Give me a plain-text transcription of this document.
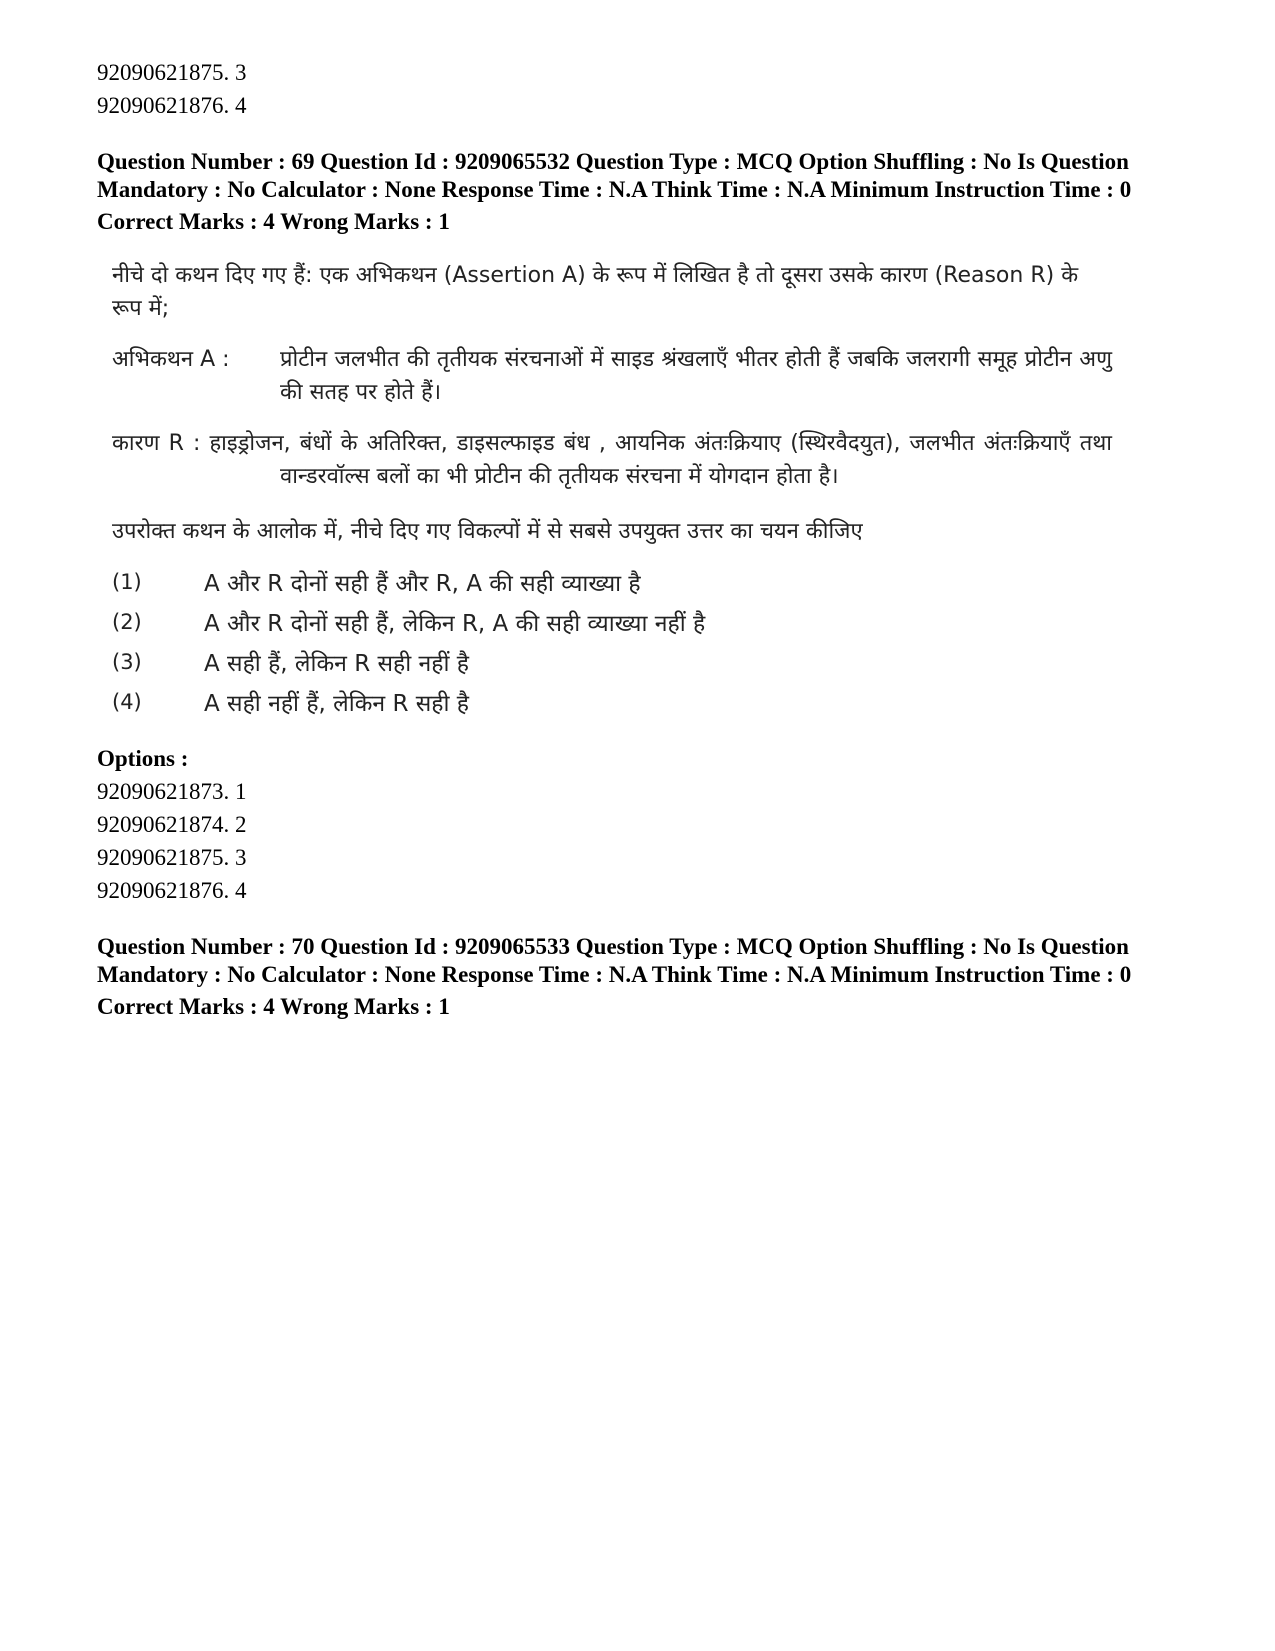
92090621875. 3
92090621876. 4

Question Number : 69 Question Id : 9209065532 Question Type : MCQ Option Shuffling : No Is Question Mandatory : No Calculator : None Response Time : N.A Think Time : N.A Minimum Instruction Time : 0

Correct Marks : 4 Wrong Marks : 1

नीचे दो कथन दिए गए हैं: एक अभिकथन (Assertion A) के रूप में लिखित है तो दूसरा उसके कारण (Reason R) के रूप में;

अभिकथन A :	प्रोटीन जलभीत की तृतीयक संरचनाओं में साइड श्रंखलाएँ भीतर होती हैं जबकि जलरागी समूह प्रोटीन अणु की सतह पर होते हैं।
कारण R : हाइड्रोजन, बंधों के अतिरिक्त, डाइसल्फाइड बंध , आयनिक अंतःक्रियाए (स्थिरवैदयुत), जलभीत अंतःक्रियाएँ तथा वान्डरवॉल्स बलों का भी प्रोटीन की तृतीयक संरचना में योगदान होता है।

उपरोक्त कथन के आलोक में, नीचे दिए गए विकल्पों में से सबसे उपयुक्त उत्तर का चयन कीजिए

(1)	A और R दोनों सही हैं और R, A की सही व्याख्या है
(2)	A और R दोनों सही हैं, लेकिन R, A की सही व्याख्या नहीं है
(3)	A सही हैं, लेकिन R सही नहीं है
(4)	A सही नहीं हैं, लेकिन R सही है
Options :
92090621873. 1
92090621874. 2
92090621875. 3
92090621876. 4

Question Number : 70 Question Id : 9209065533 Question Type : MCQ Option Shuffling : No Is Question Mandatory : No Calculator : None Response Time : N.A Think Time : N.A Minimum Instruction Time : 0

Correct Marks : 4 Wrong Marks : 1
